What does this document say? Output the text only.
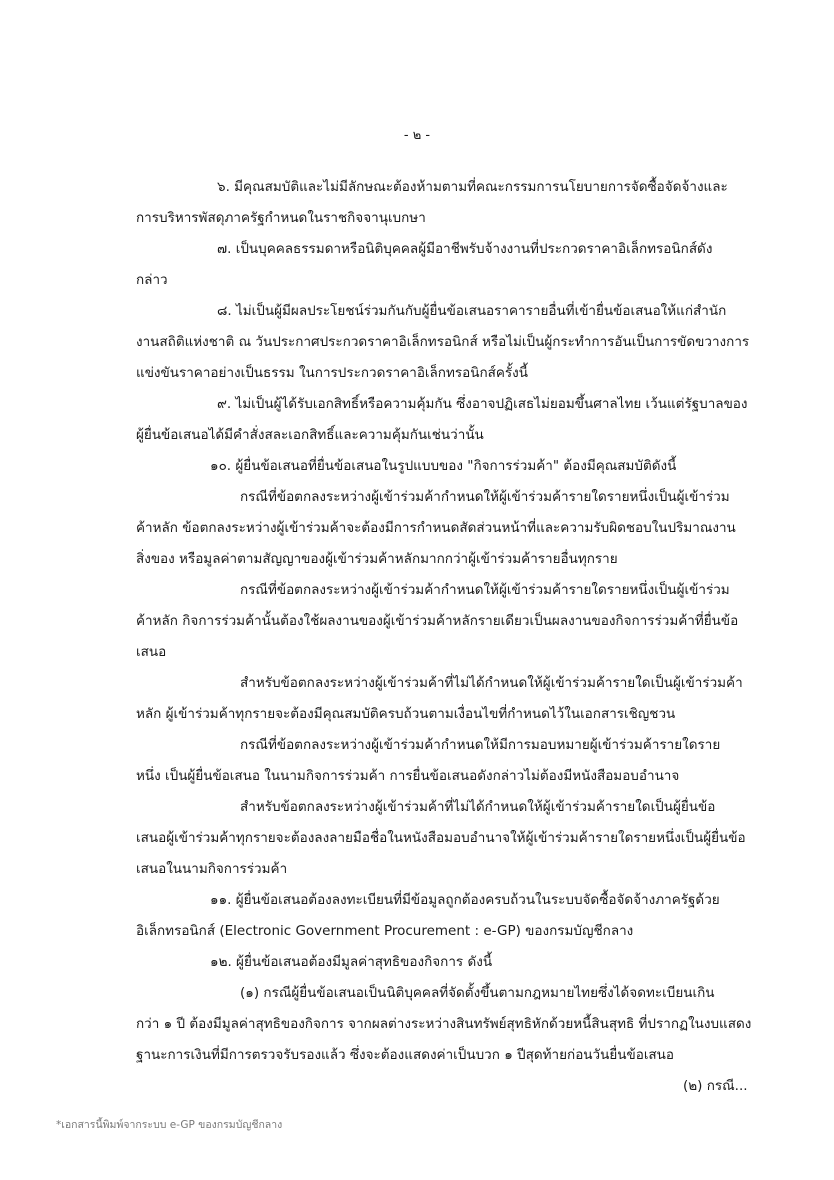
- ๒ -
๖. มีคุณสมบัติและไม่มีลักษณะต้องห้ามตามที่คณะกรรมการนโยบายการจัดซื้อจัดจ้างและ
การบริหารพัสดุภาครัฐกำหนดในราชกิจจานุเบกษา
๗. เป็นบุคคลธรรมดาหรือนิติบุคคลผู้มีอาชีพรับจ้างงานที่ประกวดราคาอิเล็กทรอนิกส์ดัง
กล่าว
๘. ไม่เป็นผู้มีผลประโยชน์ร่วมกันกับผู้ยื่นข้อเสนอราคารายอื่นที่เข้ายื่นข้อเสนอให้แก่สำนัก
งานสถิติแห่งชาติ ณ วันประกาศประกวดราคาอิเล็กทรอนิกส์ หรือไม่เป็นผู้กระทำการอันเป็นการขัดขวางการ
แข่งขันราคาอย่างเป็นธรรม ในการประกวดราคาอิเล็กทรอนิกส์ครั้งนี้
๙. ไม่เป็นผู้ได้รับเอกสิทธิ์หรือความคุ้มกัน ซึ่งอาจปฏิเสธไม่ยอมขึ้นศาลไทย เว้นแต่รัฐบาลของ
ผู้ยื่นข้อเสนอได้มีคำสั่งสละเอกสิทธิ์และความคุ้มกันเช่นว่านั้น
๑๐. ผู้ยื่นข้อเสนอที่ยื่นข้อเสนอในรูปแบบของ "กิจการร่วมค้า" ต้องมีคุณสมบัติดังนี้
กรณีที่ข้อตกลงระหว่างผู้เข้าร่วมค้ากำหนดให้ผู้เข้าร่วมค้ารายใดรายหนึ่งเป็นผู้เข้าร่วม
ค้าหลัก ข้อตกลงระหว่างผู้เข้าร่วมค้าจะต้องมีการกำหนดสัดส่วนหน้าที่และความรับผิดชอบในปริมาณงาน
สิ่งของ หรือมูลค่าตามสัญญาของผู้เข้าร่วมค้าหลักมากกว่าผู้เข้าร่วมค้ารายอื่นทุกราย
กรณีที่ข้อตกลงระหว่างผู้เข้าร่วมค้ากำหนดให้ผู้เข้าร่วมค้ารายใดรายหนึ่งเป็นผู้เข้าร่วม
ค้าหลัก กิจการร่วมค้านั้นต้องใช้ผลงานของผู้เข้าร่วมค้าหลักรายเดียวเป็นผลงานของกิจการร่วมค้าที่ยื่นข้อ
เสนอ
สำหรับข้อตกลงระหว่างผู้เข้าร่วมค้าที่ไม่ได้กำหนดให้ผู้เข้าร่วมค้ารายใดเป็นผู้เข้าร่วมค้า
หลัก ผู้เข้าร่วมค้าทุกรายจะต้องมีคุณสมบัติครบถ้วนตามเงื่อนไขที่กำหนดไว้ในเอกสารเชิญชวน
กรณีที่ข้อตกลงระหว่างผู้เข้าร่วมค้ากำหนดให้มีการมอบหมายผู้เข้าร่วมค้ารายใดราย
หนึ่ง เป็นผู้ยื่นข้อเสนอ ในนามกิจการร่วมค้า การยื่นข้อเสนอดังกล่าวไม่ต้องมีหนังสือมอบอำนาจ
สำหรับข้อตกลงระหว่างผู้เข้าร่วมค้าที่ไม่ได้กำหนดให้ผู้เข้าร่วมค้ารายใดเป็นผู้ยื่นข้อ
เสนอผู้เข้าร่วมค้าทุกรายจะต้องลงลายมือชื่อในหนังสือมอบอำนาจให้ผู้เข้าร่วมค้ารายใดรายหนึ่งเป็นผู้ยื่นข้อ
เสนอในนามกิจการร่วมค้า
๑๑. ผู้ยื่นข้อเสนอต้องลงทะเบียนที่มีข้อมูลถูกต้องครบถ้วนในระบบจัดซื้อจัดจ้างภาครัฐด้วย
อิเล็กทรอนิกส์ (Electronic Government Procurement : e-GP) ของกรมบัญชีกลาง
๑๒. ผู้ยื่นข้อเสนอต้องมีมูลค่าสุทธิของกิจการ ดังนี้
(๑) กรณีผู้ยื่นข้อเสนอเป็นนิติบุคคลที่จัดตั้งขึ้นตามกฎหมายไทยซึ่งได้จดทะเบียนเกิน
กว่า ๑ ปี ต้องมีมูลค่าสุทธิของกิจการ จากผลต่างระหว่างสินทรัพย์สุทธิหักด้วยหนี้สินสุทธิ ที่ปรากฏในงบแสดง
ฐานะการเงินที่มีการตรวจรับรองแล้ว ซึ่งจะต้องแสดงค่าเป็นบวก ๑ ปีสุดท้ายก่อนวันยื่นข้อเสนอ
(๒) กรณี...
*เอกสารนี้พิมพ์จากระบบ e-GP ของกรมบัญชีกลาง
